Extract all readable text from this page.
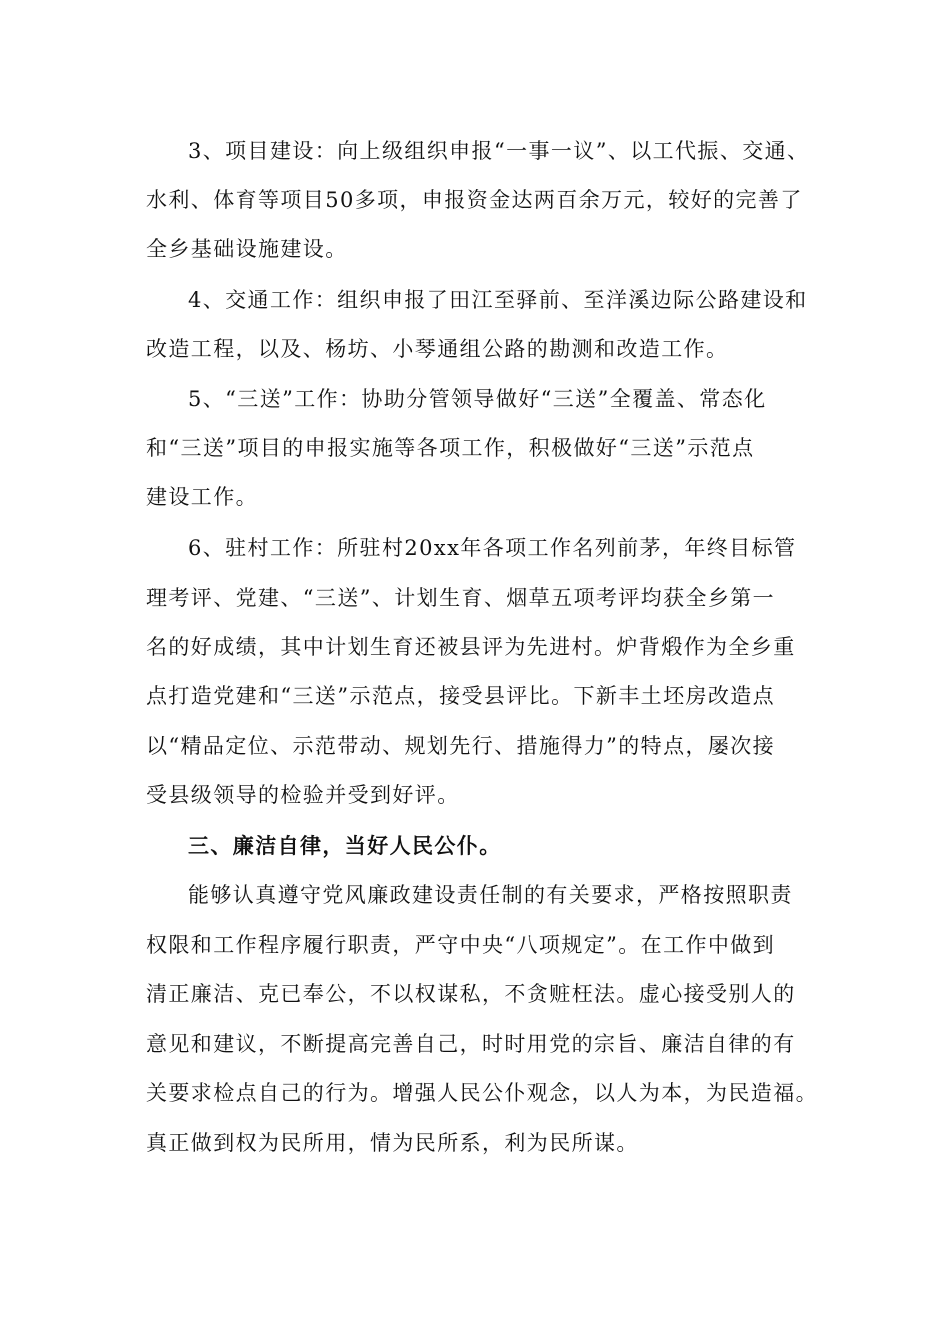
3、项目建设：向上级组织申报“一事一议”、以工代振、交通、
水利、体育等项目50多项，申报资金达两百余万元，较好的完善了
全乡基础设施建设。
4、交通工作：组织申报了田江至驿前、至洋溪边际公路建设和
改造工程，以及、杨坊、小琴通组公路的勘测和改造工作。
5、“三送”工作：协助分管领导做好“三送”全覆盖、常态化
和“三送”项目的申报实施等各项工作，积极做好“三送”示范点
建设工作。
6、驻村工作：所驻村20xx年各项工作名列前茅，年终目标管
理考评、党建、“三送”、计划生育、烟草五项考评均获全乡第一
名的好成绩，其中计划生育还被县评为先进村。炉背煅作为全乡重
点打造党建和“三送”示范点，接受县评比。下新丰土坯房改造点
以“精品定位、示范带动、规划先行、措施得力”的特点，屡次接
受县级领导的检验并受到好评。
三、廉洁自律，当好人民公仆。
能够认真遵守党风廉政建设责任制的有关要求，严格按照职责
权限和工作程序履行职责，严守中央“八项规定”。在工作中做到
清正廉洁、克已奉公，不以权谋私，不贪赃枉法。虚心接受别人的
意见和建议，不断提高完善自己，时时用党的宗旨、廉洁自律的有
关要求检点自己的行为。增强人民公仆观念，以人为本，为民造福。
真正做到权为民所用，情为民所系，利为民所谋。
